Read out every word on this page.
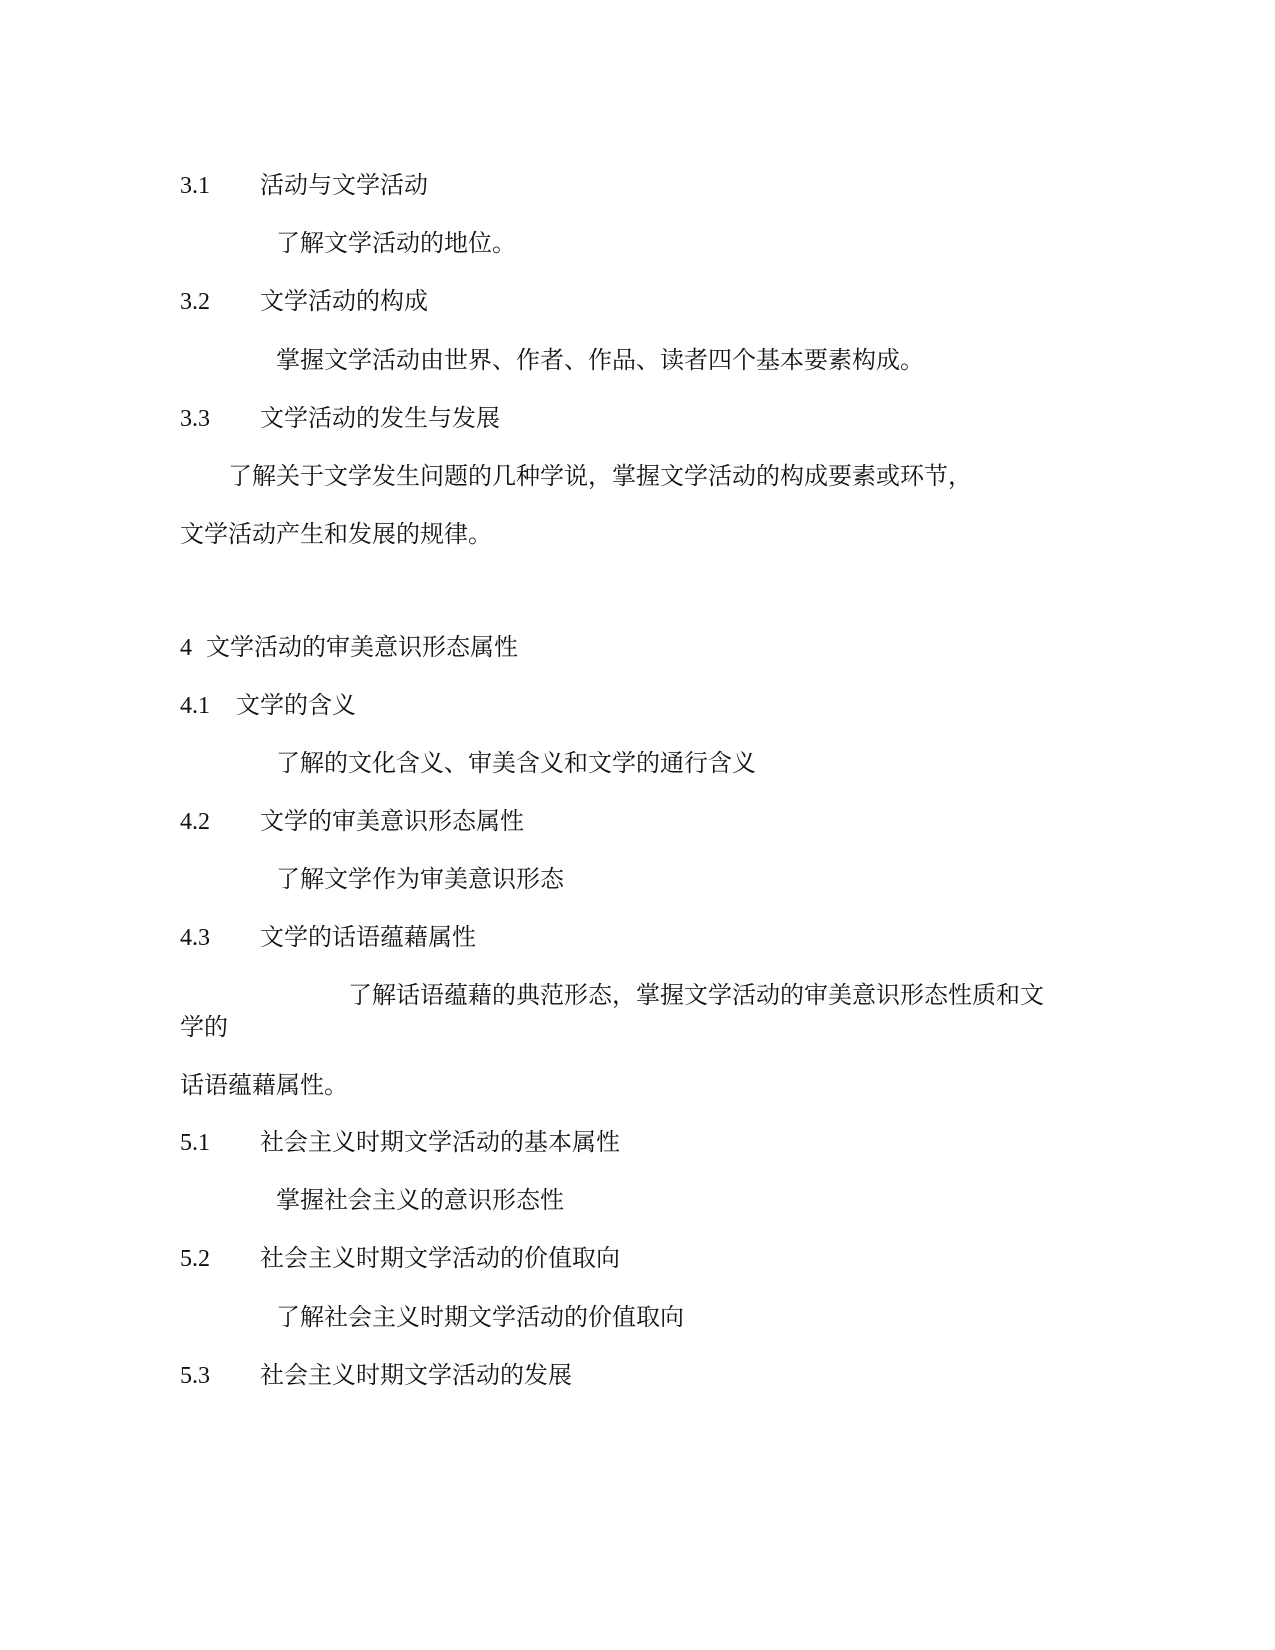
3.1 活动与文学活动
了解文学活动的地位。
3.2 文学活动的构成
掌握文学活动由世界、作者、作品、读者四个基本要素构成。
3.3 文学活动的发生与发展
了解关于文学发生问题的几种学说，掌握文学活动的构成要素或环节，
文学活动产生和发展的规律。
4 文学活动的审美意识形态属性
4.1 文学的含义
了解的文化含义、审美含义和文学的通行含义
4.2 文学的审美意识形态属性
了解文学作为审美意识形态
4.3 文学的话语蕴藉属性
了解话语蕴藉的典范形态，掌握文学活动的审美意识形态性质和文
学的
话语蕴藉属性。
5.1 社会主义时期文学活动的基本属性
掌握社会主义的意识形态性
5.2 社会主义时期文学活动的价值取向
了解社会主义时期文学活动的价值取向
5.3 社会主义时期文学活动的发展
